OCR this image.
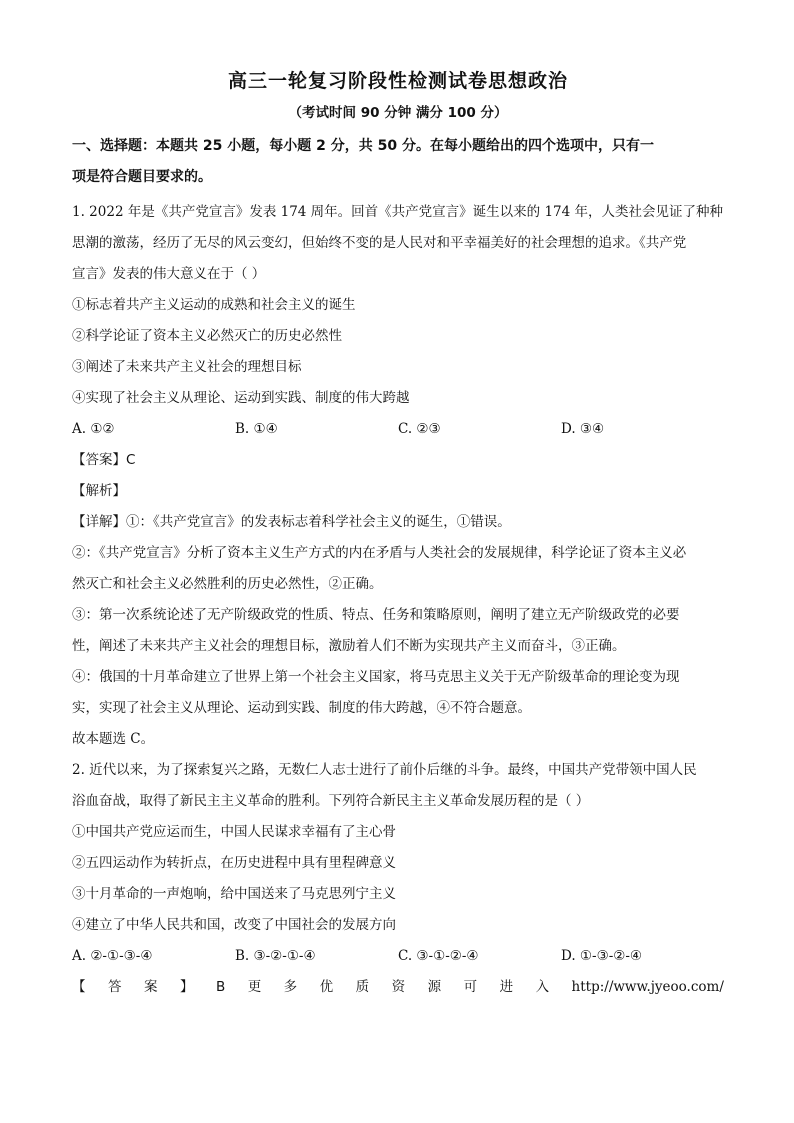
高三一轮复习阶段性检测试卷思想政治
（考试时间 90 分钟 满分 100 分）
一、选择题：本题共 25 小题，每小题 2 分，共 50 分。在每小题给出的四个选项中，只有一
项是符合题目要求的。
1. 2022 年是《共产党宣言》发表 174 周年。回首《共产党宣言》诞生以来的 174 年，人类社会见证了种种
思潮的激荡，经历了无尽的风云变幻，但始终不变的是人民对和平幸福美好的社会理想的追求。《共产党
宣言》发表的伟大意义在于（ ）
①标志着共产主义运动的成熟和社会主义的诞生
②科学论证了资本主义必然灭亡的历史必然性
③阐述了未来共产主义社会的理想目标
④实现了社会主义从理论、运动到实践、制度的伟大跨越
A. ①②	B. ①④	C. ②③	D. ③④
【答案】C
【解析】
【详解】①：《共产党宣言》的发表标志着科学社会主义的诞生，①错误。
②：《共产党宣言》分析了资本主义生产方式的内在矛盾与人类社会的发展规律，科学论证了资本主义必
然灭亡和社会主义必然胜利的历史必然性，②正确。
③：第一次系统论述了无产阶级政党的性质、特点、任务和策略原则，阐明了建立无产阶级政党的必要
性，阐述了未来共产主义社会的理想目标，激励着人们不断为实现共产主义而奋斗，③正确。
④：俄国的十月革命建立了世界上第一个社会主义国家，将马克思主义关于无产阶级革命的理论变为现
实，实现了社会主义从理论、运动到实践、制度的伟大跨越，④不符合题意。
故本题选 C。
2. 近代以来，为了探索复兴之路，无数仁人志士进行了前仆后继的斗争。最终，中国共产党带领中国人民
浴血奋战，取得了新民主主义革命的胜利。下列符合新民主主义革命发展历程的是（ ）
①中国共产党应运而生，中国人民谋求幸福有了主心骨
②五四运动作为转折点，在历史进程中具有里程碑意义
③十月革命的一声炮响，给中国送来了马克思列宁主义
④建立了中华人民共和国，改变了中国社会的发展方向
A. ②-①-③-④	B. ③-②-①-④	C. ③-①-②-④	D. ①-③-②-④
【 答 案 】 B 更 多 优 质 资 源 可 进 入 http://www.jyeoo.com/
